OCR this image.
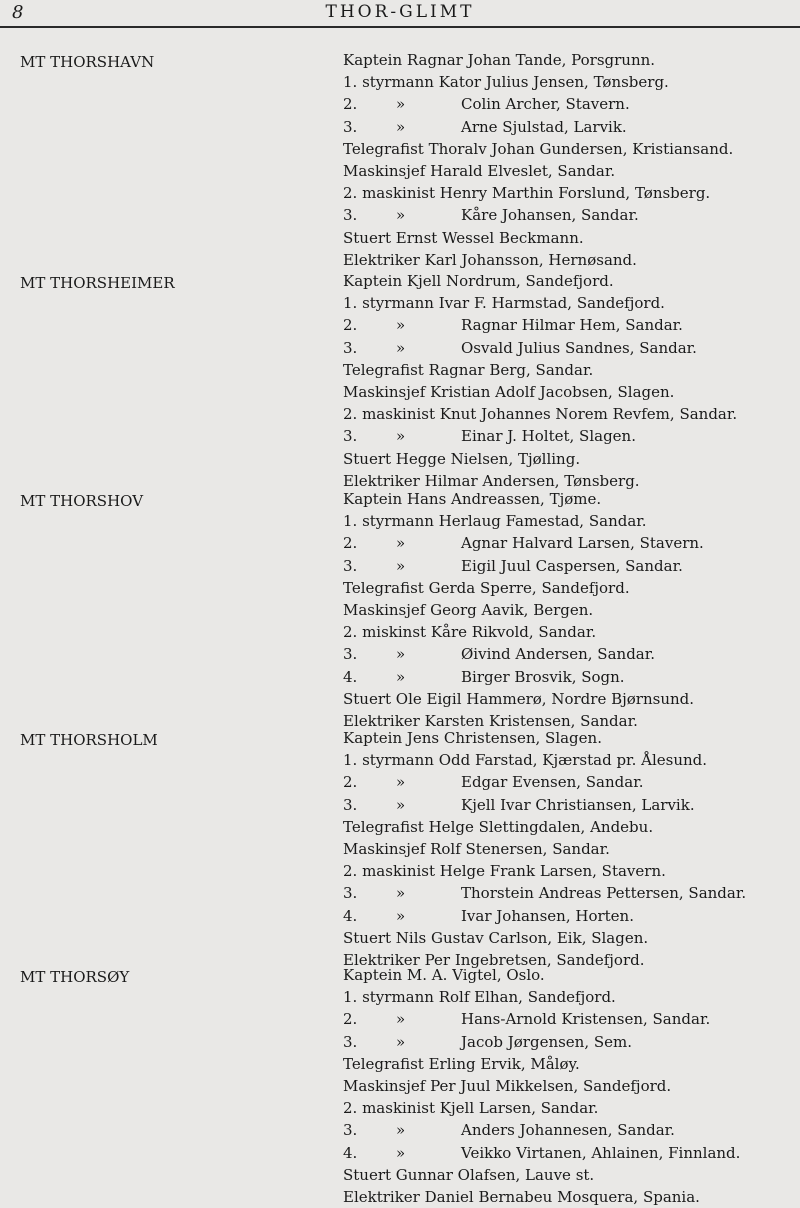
8	THOR-GLIMT
MT THORSHAVN	Kaptein Ragnar Johan Tande, Porsgrunn.
1. styrmann Kator Julius Jensen, Tønsberg.
2.	»	Colin Archer, Stavern.
3.	»	Arne Sjulstad, Larvik.
Telegrafist Thoralv Johan Gundersen, Kristiansand.
Maskinsjef Harald Elveslet, Sandar.
2. maskinist Henry Marthin Forslund, Tønsberg.
3.	»	Kåre Johansen, Sandar.
Stuert Ernst Wessel Beckmann.
Elektriker Karl Johansson, Hernøsand.
MT THORSHEIMER	Kaptein Kjell Nordrum, Sandefjord.
1. styrmann Ivar F. Harmstad, Sandefjord.
2.	»	Ragnar Hilmar Hem, Sandar.
3.	»	Osvald Julius Sandnes, Sandar.
Telegrafist Ragnar Berg, Sandar.
Maskinsjef Kristian Adolf Jacobsen, Slagen.
2. maskinist Knut Johannes Norem Revfem, Sandar.
3.	»	Einar J. Holtet, Slagen.
Stuert Hegge Nielsen, Tjølling.
Elektriker Hilmar Andersen, Tønsberg.
MT THORSHOV	Kaptein Hans Andreassen, Tjøme.
1. styrmann Herlaug Famestad, Sandar.
2.	»	Agnar Halvard Larsen, Stavern.
3.	»	Eigil Juul Caspersen, Sandar.
Telegrafist Gerda Sperre, Sandefjord.
Maskinsjef Georg Aavik, Bergen.
2. miskinst Kåre Rikvold, Sandar.
3.	»	Øivind Andersen, Sandar.
4.	»	Birger Brosvik, Sogn.
Stuert Ole Eigil Hammerø, Nordre Bjørnsund.
Elektriker Karsten Kristensen, Sandar.
MT THORSHOLM	Kaptein Jens Christensen, Slagen.
1. styrmann Odd Farstad, Kjærstad pr. Ålesund.
2.	»	Edgar Evensen, Sandar.
3.	»	Kjell Ivar Christiansen, Larvik.
Telegrafist Helge Slettingdalen, Andebu.
Maskinsjef Rolf Stenersen, Sandar.
2. maskinist Helge Frank Larsen, Stavern.
3.	»	Thorstein Andreas Pettersen, Sandar.
4.	»	Ivar Johansen, Horten.
Stuert Nils Gustav Carlson, Eik, Slagen.
Elektriker Per Ingebretsen, Sandefjord.
MT THORSØY	Kaptein M. A. Vigtel, Oslo.
1. styrmann Rolf Elhan, Sandefjord.
2.	»	Hans-Arnold Kristensen, Sandar.
3.	»	Jacob Jørgensen, Sem.
Telegrafist Erling Ervik, Måløy.
Maskinsjef Per Juul Mikkelsen, Sandefjord.
2. maskinist Kjell Larsen, Sandar.
3.	»	Anders Johannesen, Sandar.
4.	»	Veikko Virtanen, Ahlainen, Finnland.
Stuert Gunnar Olafsen, Lauve st.
Elektriker Daniel Bernabeu Mosquera, Spania.
